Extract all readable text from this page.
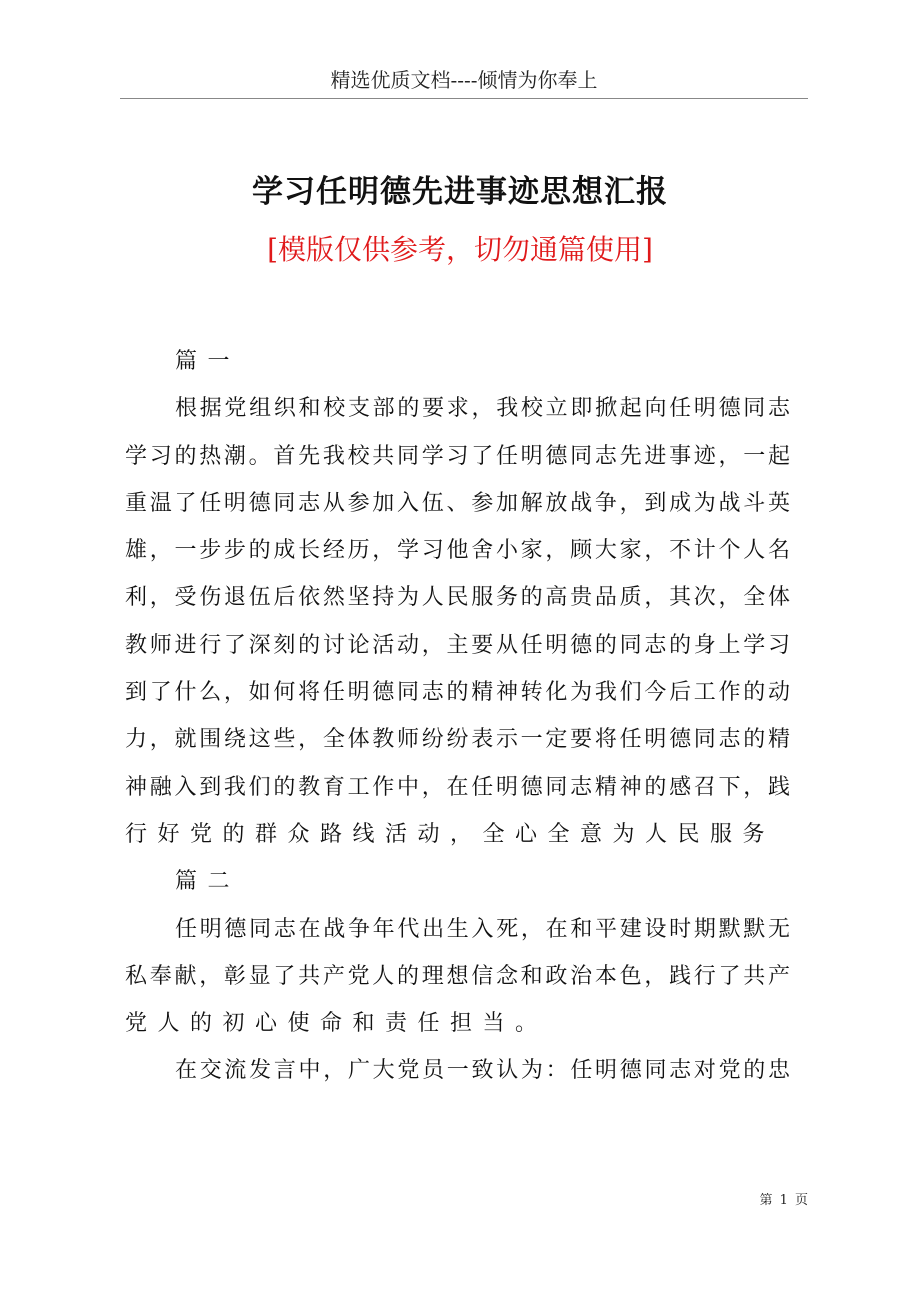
精选优质文档----倾情为你奉上
学习任明德先进事迹思想汇报
[模版仅供参考，切勿通篇使用]
篇一
根据党组织和校支部的要求，我校立即掀起向任明德同志
学习的热潮。首先我校共同学习了任明德同志先进事迹，一起
重温了任明德同志从参加入伍、参加解放战争，到成为战斗英
雄，一步步的成长经历，学习他舍小家，顾大家，不计个人名
利，受伤退伍后依然坚持为人民服务的高贵品质，其次，全体
教师进行了深刻的讨论活动，主要从任明德的同志的身上学习
到了什么，如何将任明德同志的精神转化为我们今后工作的动
力，就围绕这些，全体教师纷纷表示一定要将任明德同志的精
神融入到我们的教育工作中，在任明德同志精神的感召下，践
行好党的群众路线活动，全心全意为人民服务
篇二
任明德同志在战争年代出生入死，在和平建设时期默默无
私奉献，彰显了共产党人的理想信念和政治本色，践行了共产
党人的初心使命和责任担当。
在交流发言中，广大党员一致认为：任明德同志对党的忠
第 1 页
